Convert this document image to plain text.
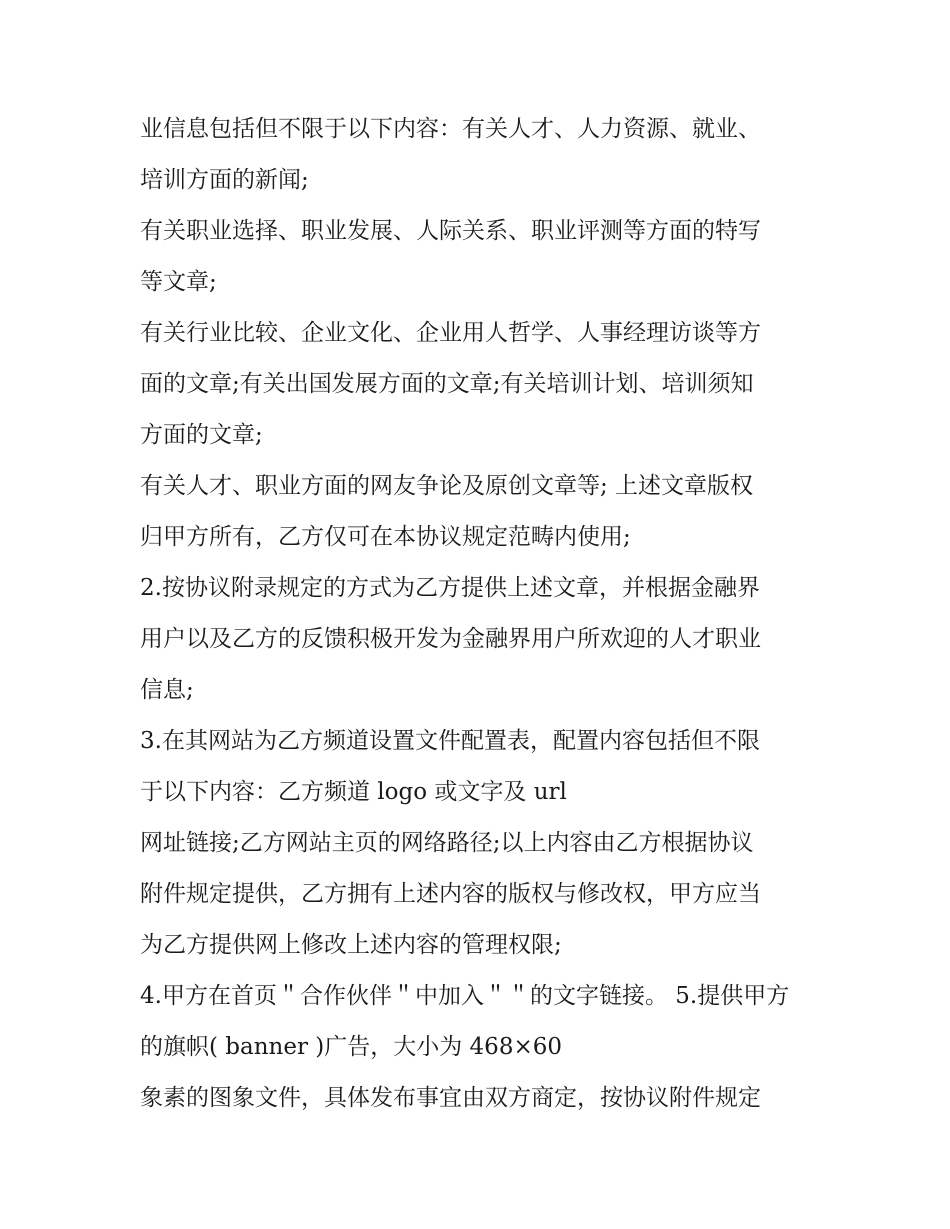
业信息包括但不限于以下内容：有关人才、人力资源、就业、
培训方面的新闻;
有关职业选择、职业发展、人际关系、职业评测等方面的特写
等文章;
有关行业比较、企业文化、企业用人哲学、人事经理访谈等方
面的文章;有关出国发展方面的文章;有关培训计划、培训须知
方面的文章;
有关人才、职业方面的网友争论及原创文章等; 上述文章版权
归甲方所有，乙方仅可在本协议规定范畴内使用;
2.按协议附录规定的方式为乙方提供上述文章，并根据金融界
用户以及乙方的反馈积极开发为金融界用户所欢迎的人才职业
信息;
3.在其网站为乙方频道设置文件配置表，配置内容包括但不限
于以下内容：乙方频道 logo 或文字及 url
网址链接;乙方网站主页的网络路径;以上内容由乙方根据协议
附件规定提供，乙方拥有上述内容的版权与修改权，甲方应当
为乙方提供网上修改上述内容的管理权限;
4.甲方在首页＂合作伙伴＂中加入＂＂的文字链接。 5.提供甲方
的旗帜( banner )广告，大小为 468×60
象素的图象文件，具体发布事宜由双方商定，按协议附件规定
